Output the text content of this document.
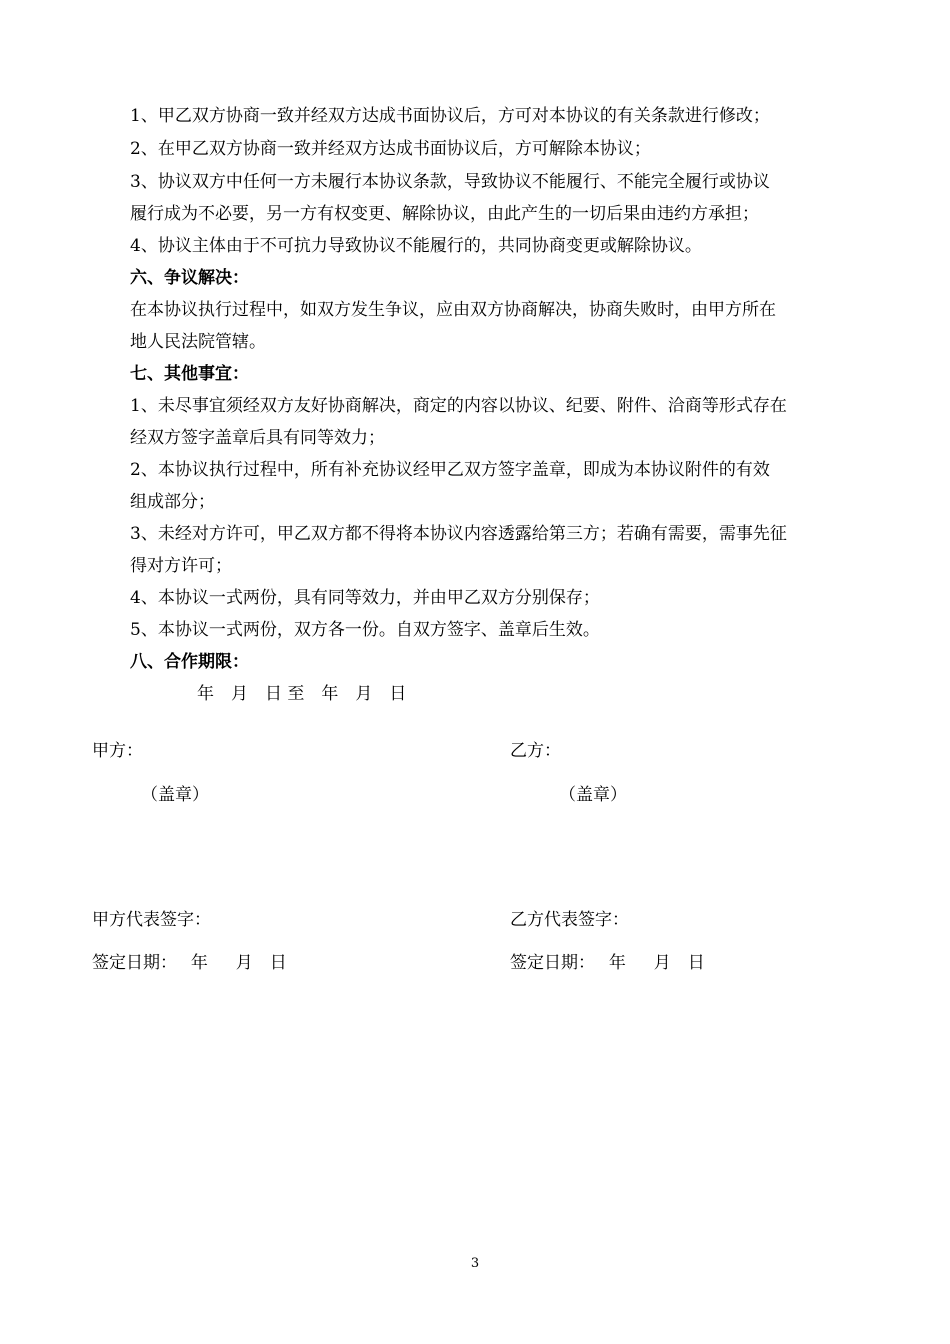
1、甲乙双方协商一致并经双方达成书面协议后，方可对本协议的有关条款进行修改；
2、在甲乙双方协商一致并经双方达成书面协议后，方可解除本协议；
3、协议双方中任何一方未履行本协议条款，导致协议不能履行、不能完全履行或协议
履行成为不必要，另一方有权变更、解除协议，由此产生的一切后果由违约方承担；
4、协议主体由于不可抗力导致协议不能履行的，共同协商变更或解除协议。
六、争议解决：
在本协议执行过程中，如双方发生争议，应由双方协商解决，协商失败时，由甲方所在
地人民法院管辖。
七、其他事宜：
1、未尽事宜须经双方友好协商解决，商定的内容以协议、纪要、附件、洽商等形式存在
经双方签字盖章后具有同等效力；
2、本协议执行过程中，所有补充协议经甲乙双方签字盖章，即成为本协议附件的有效
组成部分；
3、未经对方许可，甲乙双方都不得将本协议内容透露给第三方；若确有需要，需事先征
得对方许可；
4、本协议一式两份，具有同等效力，并由甲乙双方分别保存；
5、本协议一式两份，双方各一份。自双方签字、盖章后生效。
八、合作期限：
年　月　日 至　年　月　日
甲方：	乙方：
（盖章）	（盖章）
甲方代表签字：	乙方代表签字：
签定日期：　 年 　 月　日	签定日期：　 年 　 月　日
3
